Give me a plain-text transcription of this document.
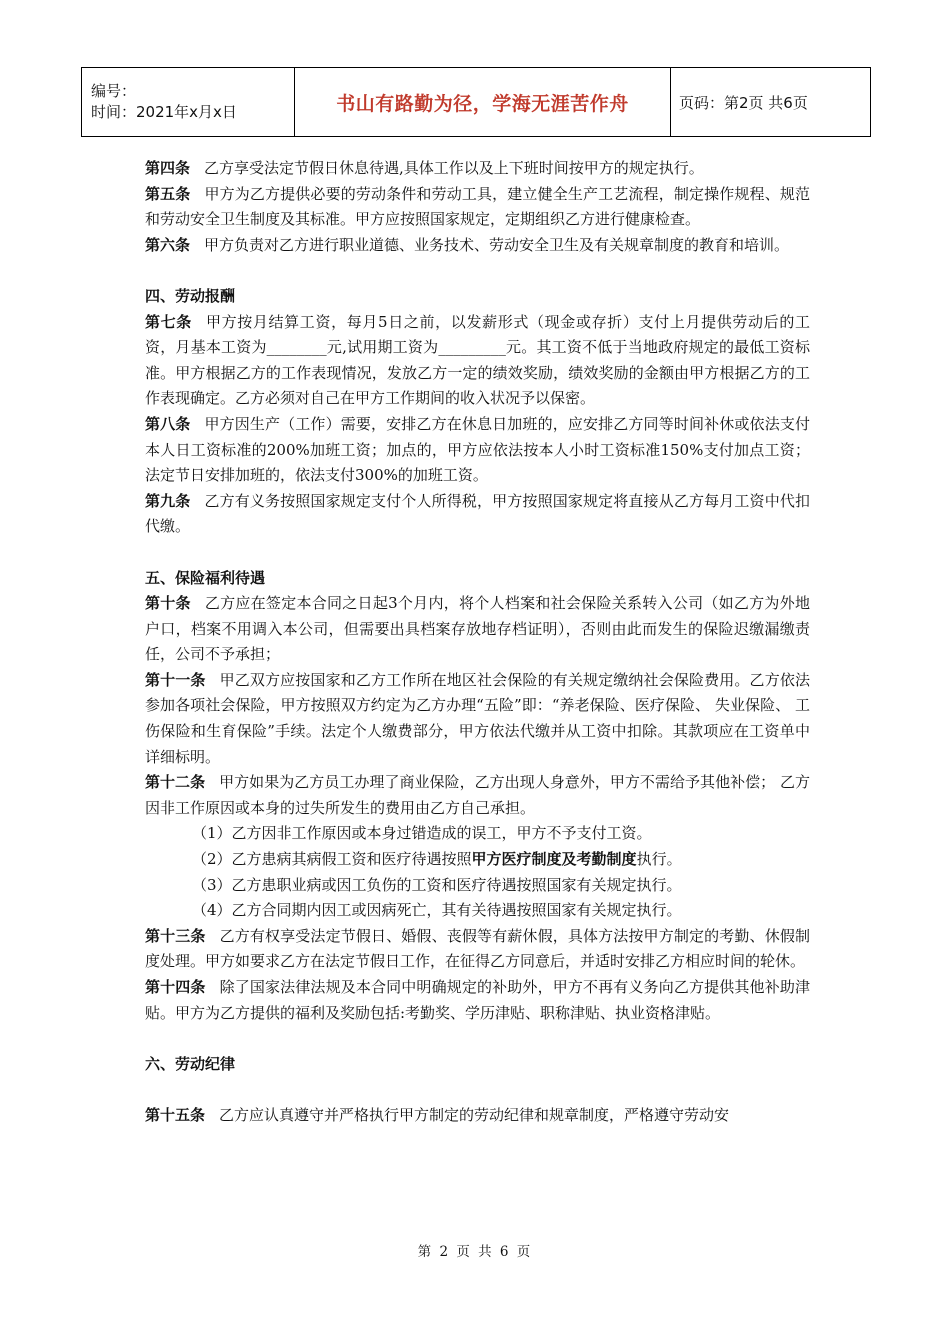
编号：
时间：2021年x月x日	书山有路勤为径，学海无涯苦作舟	页码：第2页 共6页

第四条 乙方享受法定节假日休息待遇,具体工作以及上下班时间按甲方的规定执行。

第五条 甲方为乙方提供必要的劳动条件和劳动工具，建立健全生产工艺流程，制定操作规程、规范和劳动安全卫生制度及其标准。甲方应按照国家规定，定期组织乙方进行健康检查。

第六条 甲方负责对乙方进行职业道德、业务技术、劳动安全卫生及有关规章制度的教育和培训。

四、劳动报酬

第七条 甲方按月结算工资，每月5日之前，以发薪形式（现金或存折）支付上月提供劳动后的工资，月基本工资为________元,试用期工资为_________元。其工资不低于当地政府规定的最低工资标准。甲方根据乙方的工作表现情况，发放乙方一定的绩效奖励，绩效奖励的金额由甲方根据乙方的工作表现确定。乙方必须对自己在甲方工作期间的收入状况予以保密。

第八条 甲方因生产（工作）需要，安排乙方在休息日加班的，应安排乙方同等时间补休或依法支付本人日工资标准的200%加班工资；加点的，甲方应依法按本人小时工资标准150%支付加点工资；法定节日安排加班的，依法支付300%的加班工资。

第九条 乙方有义务按照国家规定支付个人所得税，甲方按照国家规定将直接从乙方每月工资中代扣代缴。

五、保险福利待遇

第十条 乙方应在签定本合同之日起3个月内，将个人档案和社会保险关系转入公司（如乙方为外地户口，档案不用调入本公司，但需要出具档案存放地存档证明），否则由此而发生的保险迟缴漏缴责任，公司不予承担；

第十一条 甲乙双方应按国家和乙方工作所在地区社会保险的有关规定缴纳社会保险费用。乙方依法参加各项社会保险，甲方按照双方约定为乙方办理“五险”即：“养老保险、医疗保险、 失业保险、 工伤保险和生育保险”手续。法定个人缴费部分，甲方依法代缴并从工资中扣除。其款项应在工资单中详细标明。

第十二条 甲方如果为乙方员工办理了商业保险，乙方出现人身意外，甲方不需给予其他补偿； 乙方因非工作原因或本身的过失所发生的费用由乙方自己承担。

（1）乙方因非工作原因或本身过错造成的误工，甲方不予支付工资。

（2）乙方患病其病假工资和医疗待遇按照甲方医疗制度及考勤制度执行。

（3）乙方患职业病或因工负伤的工资和医疗待遇按照国家有关规定执行。

（4）乙方合同期内因工或因病死亡，其有关待遇按照国家有关规定执行。

第十三条 乙方有权享受法定节假日、婚假、丧假等有薪休假，具体方法按甲方制定的考勤、休假制度处理。甲方如要求乙方在法定节假日工作，在征得乙方同意后，并适时安排乙方相应时间的轮休。

第十四条 除了国家法律法规及本合同中明确规定的补助外，甲方不再有义务向乙方提供其他补助津贴。甲方为乙方提供的福利及奖励包括:考勤奖、学历津贴、职称津贴、执业资格津贴。

六、劳动纪律

第十五条 乙方应认真遵守并严格执行甲方制定的劳动纪律和规章制度，严格遵守劳动安

第 2 页 共 6 页
